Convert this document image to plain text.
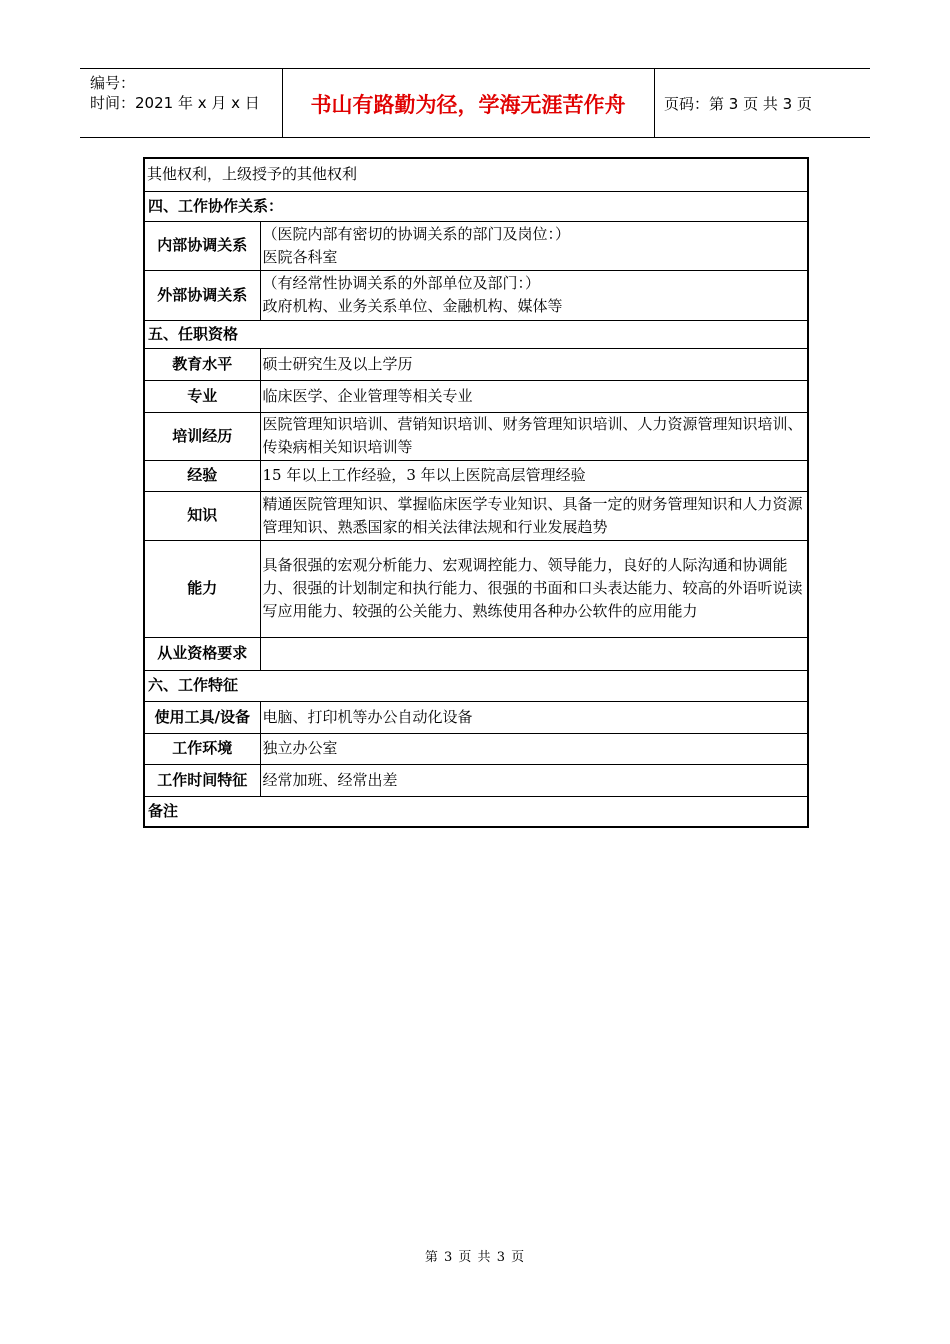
编号：
时间：2021 年 x 月 x 日	书山有路勤为径，学海无涯苦作舟	页码：第 3 页 共 3 页
其他权利，上级授予的其他权利	
四、工作协作关系：	
内部协调关系	（医院内部有密切的协调关系的部门及岗位：）
医院各科室

外部协调关系	（有经常性协调关系的外部单位及部门：）
政府机构、业务关系单位、金融机构、媒体等

五、任职资格	
教育水平	硕士研究生及以上学历
专业	临床医学、企业管理等相关专业
培训经历	医院管理知识培训、营销知识培训、财务管理知识培训、人力资源管理知识培训、传染病相关知识培训等
经验	15 年以上工作经验，3 年以上医院高层管理经验
知识	精通医院管理知识、掌握临床医学专业知识、具备一定的财务管理知识和人力资源管理知识、熟悉国家的相关法律法规和行业发展趋势
能力	具备很强的宏观分析能力、宏观调控能力、领导能力，良好的人际沟通和协调能力、很强的计划制定和执行能力、很强的书面和口头表达能力、较高的外语听说读写应用能力、较强的公关能力、熟练使用各种办公软件的应用能力
从业资格要求	
六、工作特征	
使用工具/设备	电脑、打印机等办公自动化设备
工作环境	独立办公室
工作时间特征	经常加班、经常出差
备注	
第 3 页 共 3 页
